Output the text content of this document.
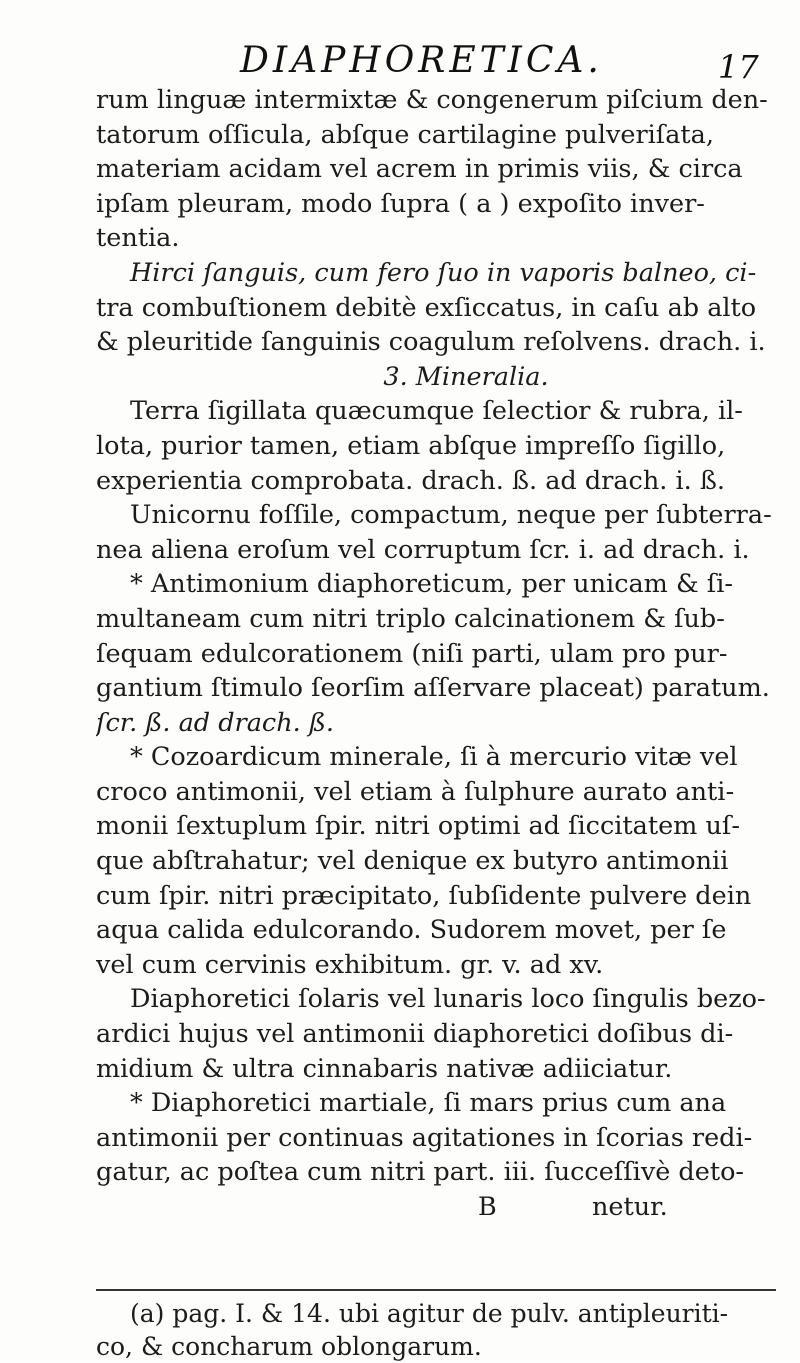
DIAPHORETICA.	17
rum linguæ intermixtæ & congenerum piſcium den-
tatorum oſſicula, abſque cartilagine pulveriſata,
materiam acidam vel acrem in primis viis, & circa
ipſam pleuram, modo ſupra ( a ) expoſito inver-
tentia.
Hirci ſanguis, cum fero ſuo in vaporis balneo, ci-
tra combuſtionem debitè exſiccatus, in caſu ab alto
& pleuritide ſanguinis coagulum reſolvens. drach. i.
3. Mineralia.
Terra ſigillata quæcumque ſelectior & rubra, il-
lota, purior tamen, etiam abſque impreſſo ſigillo,
experientia comprobata. drach. ß. ad drach. i. ß.
Unicornu foſſile, compactum, neque per ſubterra-
nea aliena eroſum vel corruptum ſcr. i. ad drach. i.
* Antimonium diaphoreticum, per unicam & ſi-
multaneam cum nitri triplo calcinationem & ſub-
ſequam edulcorationem (niſi parti, ulam pro pur-
gantium ſtimulo ſeorſim aſſervare placeat) paratum.
ſcr. ß. ad drach. ß.
* Cozoardicum minerale, ſi à mercurio vitæ vel
croco antimonii, vel etiam à ſulphure aurato anti-
monii ſextuplum ſpir. nitri optimi ad ſiccitatem uſ-
que abſtrahatur; vel denique ex butyro antimonii
cum ſpir. nitri præcipitato, ſubſidente pulvere dein
aqua calida edulcorando. Sudorem movet, per ſe
vel cum cervinis exhibitum. gr. v. ad xv.
Diaphoretici ſolaris vel lunaris loco ſingulis bezo-
ardici hujus vel antimonii diaphoretici doſibus di-
midium & ultra cinnabaris nativæ adiiciatur.
* Diaphoretici martiale, ſi mars prius cum ana
antimonii per continuas agitationes in ſcorias redi-
gatur, ac poſtea cum nitri part. iii. ſucceſſivè deto-
B	netur.
(a) pag. I. & 14. ubi agitur de pulv. antipleuriti-
co, & concharum oblongarum.
